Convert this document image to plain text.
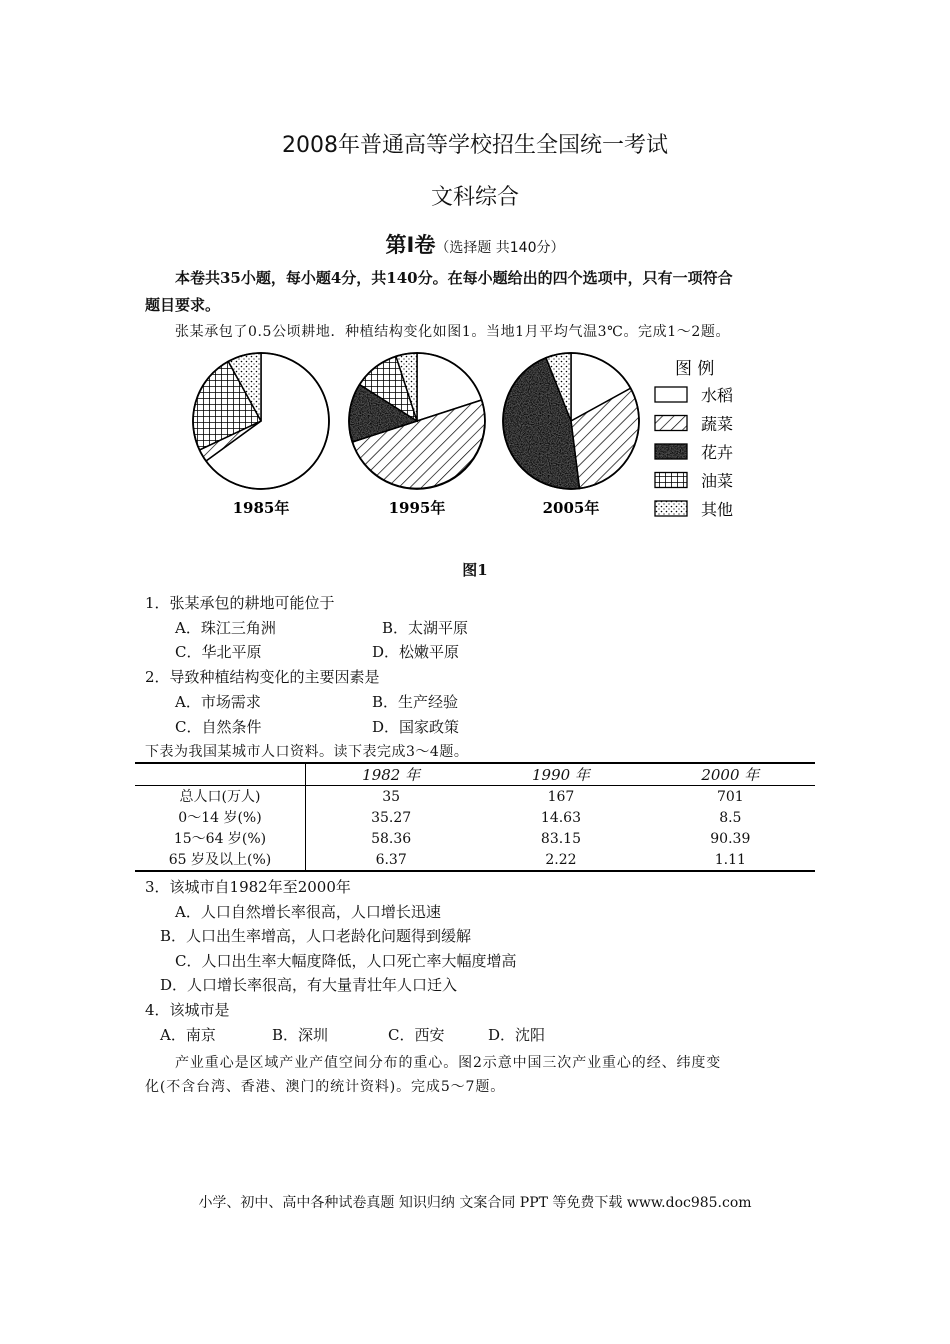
2008年普通高等学校招生全国统一考试
文科综合
第Ⅰ卷（选择题 共140分）
本卷共35小题，每小题4分，共140分。在每小题给出的四个选项中，只有一项符合
题目要求。
张某承包了0.5公顷耕地．种植结构变化如图1。当地1月平均气温3℃。完成1～2题。
1985年	1995年	2005年
图 例
水稻
蔬菜
花卉
油菜
其他
图1
1．张某承包的耕地可能位于
A．珠江三角洲	B．太湖平原
C．华北平原	D．松嫩平原
2．导致种植结构变化的主要因素是
A．市场需求	B．生产经验
C．自然条件	D．国家政策
下表为我国某城市人口资料。读下表完成3～4题。
	1982 年	1990 年	2000 年
总人口(万人)	35	167	701
0～14 岁(%)	35.27	14.63	8.5
15～64 岁(%)	58.36	83.15	90.39
65 岁及以上(%)	6.37	2.22	1.11
3．该城市自1982年至2000年
A．人口自然增长率很高，人口增长迅速
B．人口出生率增高，人口老龄化问题得到缓解
C．人口出生率大幅度降低，人口死亡率大幅度增高
D．人口增长率很高，有大量青壮年人口迁入
4．该城市是
A．南京	B．深圳	C．西安	D．沈阳
产业重心是区域产业产值空间分布的重心。图2示意中国三次产业重心的经、纬度变
化(不含台湾、香港、澳门的统计资料)。完成5～7题。
小学、初中、高中各种试卷真题 知识归纳 文案合同 PPT 等免费下载 www.doc985.com
